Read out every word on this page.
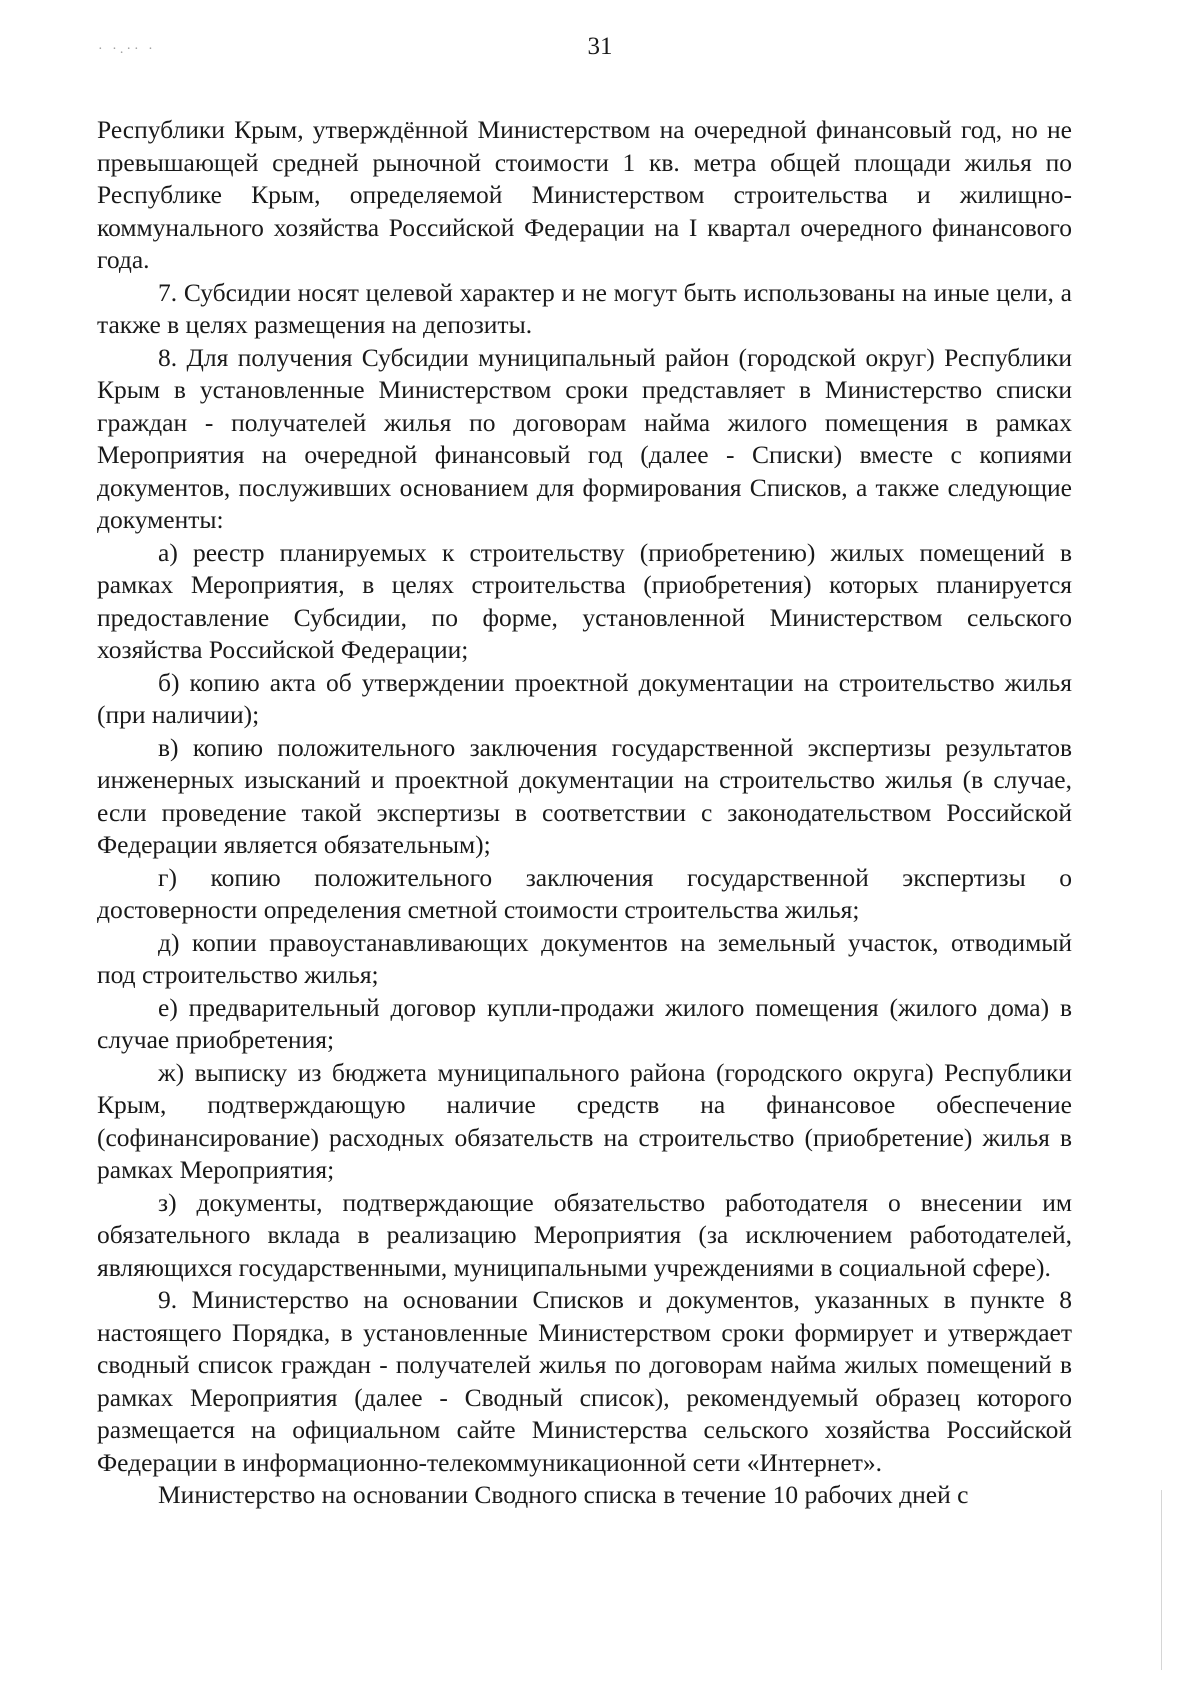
· ·.·· ·	31

Республики Крым, утверждённой Министерством на очередной финансовый год, но не превышающей средней рыночной стоимости 1 кв. метра общей площади жилья по Республике Крым, определяемой Министерством строительства и жилищно-коммунального хозяйства Российской Федерации на I квартал очередного финансового года.

7. Субсидии носят целевой характер и не могут быть использованы на иные цели, а также в целях размещения на депозиты.

8. Для получения Субсидии муниципальный район (городской округ) Республики Крым в установленные Министерством сроки представляет в Министерство списки граждан - получателей жилья по договорам найма жилого помещения в рамках Мероприятия на очередной финансовый год (далее - Списки) вместе с копиями документов, послуживших основанием для формирования Списков, а также следующие документы:

а) реестр планируемых к строительству (приобретению) жилых помещений в рамках Мероприятия, в целях строительства (приобретения) которых планируется предоставление Субсидии, по форме, установленной Министерством сельского хозяйства Российской Федерации;

б) копию акта об утверждении проектной документации на строительство жилья (при наличии);

в) копию положительного заключения государственной экспертизы результатов инженерных изысканий и проектной документации на строительство жилья (в случае, если проведение такой экспертизы в соответствии с законодательством Российской Федерации является обязательным);

г) копию положительного заключения государственной экспертизы о достоверности определения сметной стоимости строительства жилья;

д) копии правоустанавливающих документов на земельный участок, отводимый под строительство жилья;

е) предварительный договор купли-продажи жилого помещения (жилого дома) в случае приобретения;

ж) выписку из бюджета муниципального района (городского округа) Республики Крым, подтверждающую наличие средств на финансовое обеспечение (софинансирование) расходных обязательств на строительство (приобретение) жилья в рамках Мероприятия;

з) документы, подтверждающие обязательство работодателя о внесении им обязательного вклада в реализацию Мероприятия (за исключением работодателей, являющихся государственными, муниципальными учреждениями в социальной сфере).

9. Министерство на основании Списков и документов, указанных в пункте 8 настоящего Порядка, в установленные Министерством сроки формирует и утверждает сводный список граждан - получателей жилья по договорам найма жилых помещений в рамках Мероприятия (далее - Сводный список), рекомендуемый образец которого размещается на официальном сайте Министерства сельского хозяйства Российской Федерации в информационно-телекоммуникационной сети «Интернет».

Министерство на основании Сводного списка в течение 10 рабочих дней с
